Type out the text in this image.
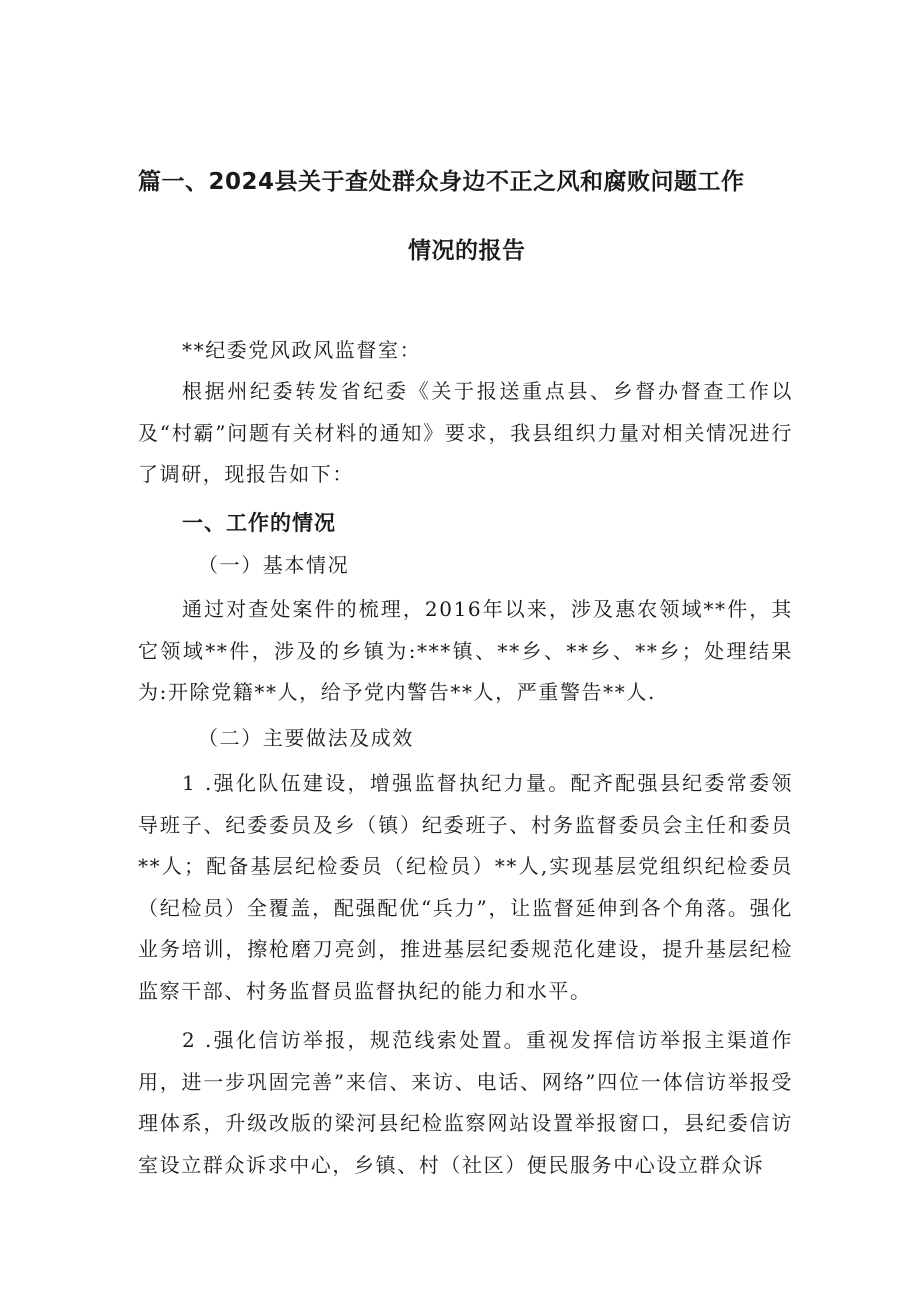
篇一、2024县关于查处群众身边不正之风和腐败问题工作
情况的报告
**纪委党风政风监督室：
根据州纪委转发省纪委《关于报送重点县、乡督办督查工作以及“村霸”问题有关材料的通知》要求，我县组织力量对相关情况进行了调研，现报告如下：
一、工作的情况
（一）基本情况
通过对查处案件的梳理，2016年以来，涉及惠农领域**件，其它领域**件，涉及的乡镇为:***镇、**乡、**乡、**乡；处理结果为:开除党籍**人，给予党内警告**人，严重警告**人.
（二）主要做法及成效
1 .强化队伍建设，增强监督执纪力量。配齐配强县纪委常委领导班子、纪委委员及乡（镇）纪委班子、村务监督委员会主任和委员**人；配备基层纪检委员（纪检员）**人,实现基层党组织纪检委员（纪检员）全覆盖，配强配优“兵力”，让监督延伸到各个角落。强化业务培训，擦枪磨刀亮剑，推进基层纪委规范化建设，提升基层纪检监察干部、村务监督员监督执纪的能力和水平。
2 .强化信访举报，规范线索处置。重视发挥信访举报主渠道作用，进一步巩固完善”来信、来访、电话、网络”四位一体信访举报受理体系，升级改版的梁河县纪检监察网站设置举报窗口，县纪委信访室设立群众诉求中心，乡镇、村（社区）便民服务中心设立群众诉
